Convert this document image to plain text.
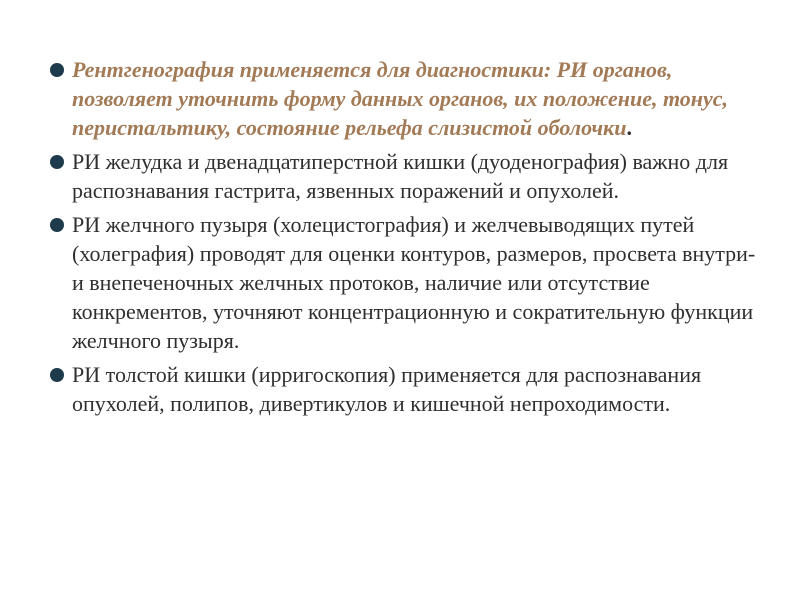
Рентгенография применяется для диагностики: РИ органов, позволяет уточнить форму данных органов, их положение, тонус, перистальтику, состояние рельефа слизистой оболочки.
РИ желудка и двенадцатиперстной кишки (дуоденография) важно для распознавания гастрита, язвенных поражений и опухолей.
РИ желчного пузыря (холецистография) и желчевыводящих путей (холеграфия) проводят для оценки контуров, размеров, просвета внутри- и внепеченочных желчных протоков, наличие или отсутствие конкрементов, уточняют концентрационную и сократительную функции желчного пузыря.
РИ толстой кишки (ирригоскопия) применяется для распознавания опухолей, полипов, дивертикулов и кишечной непроходимости.
